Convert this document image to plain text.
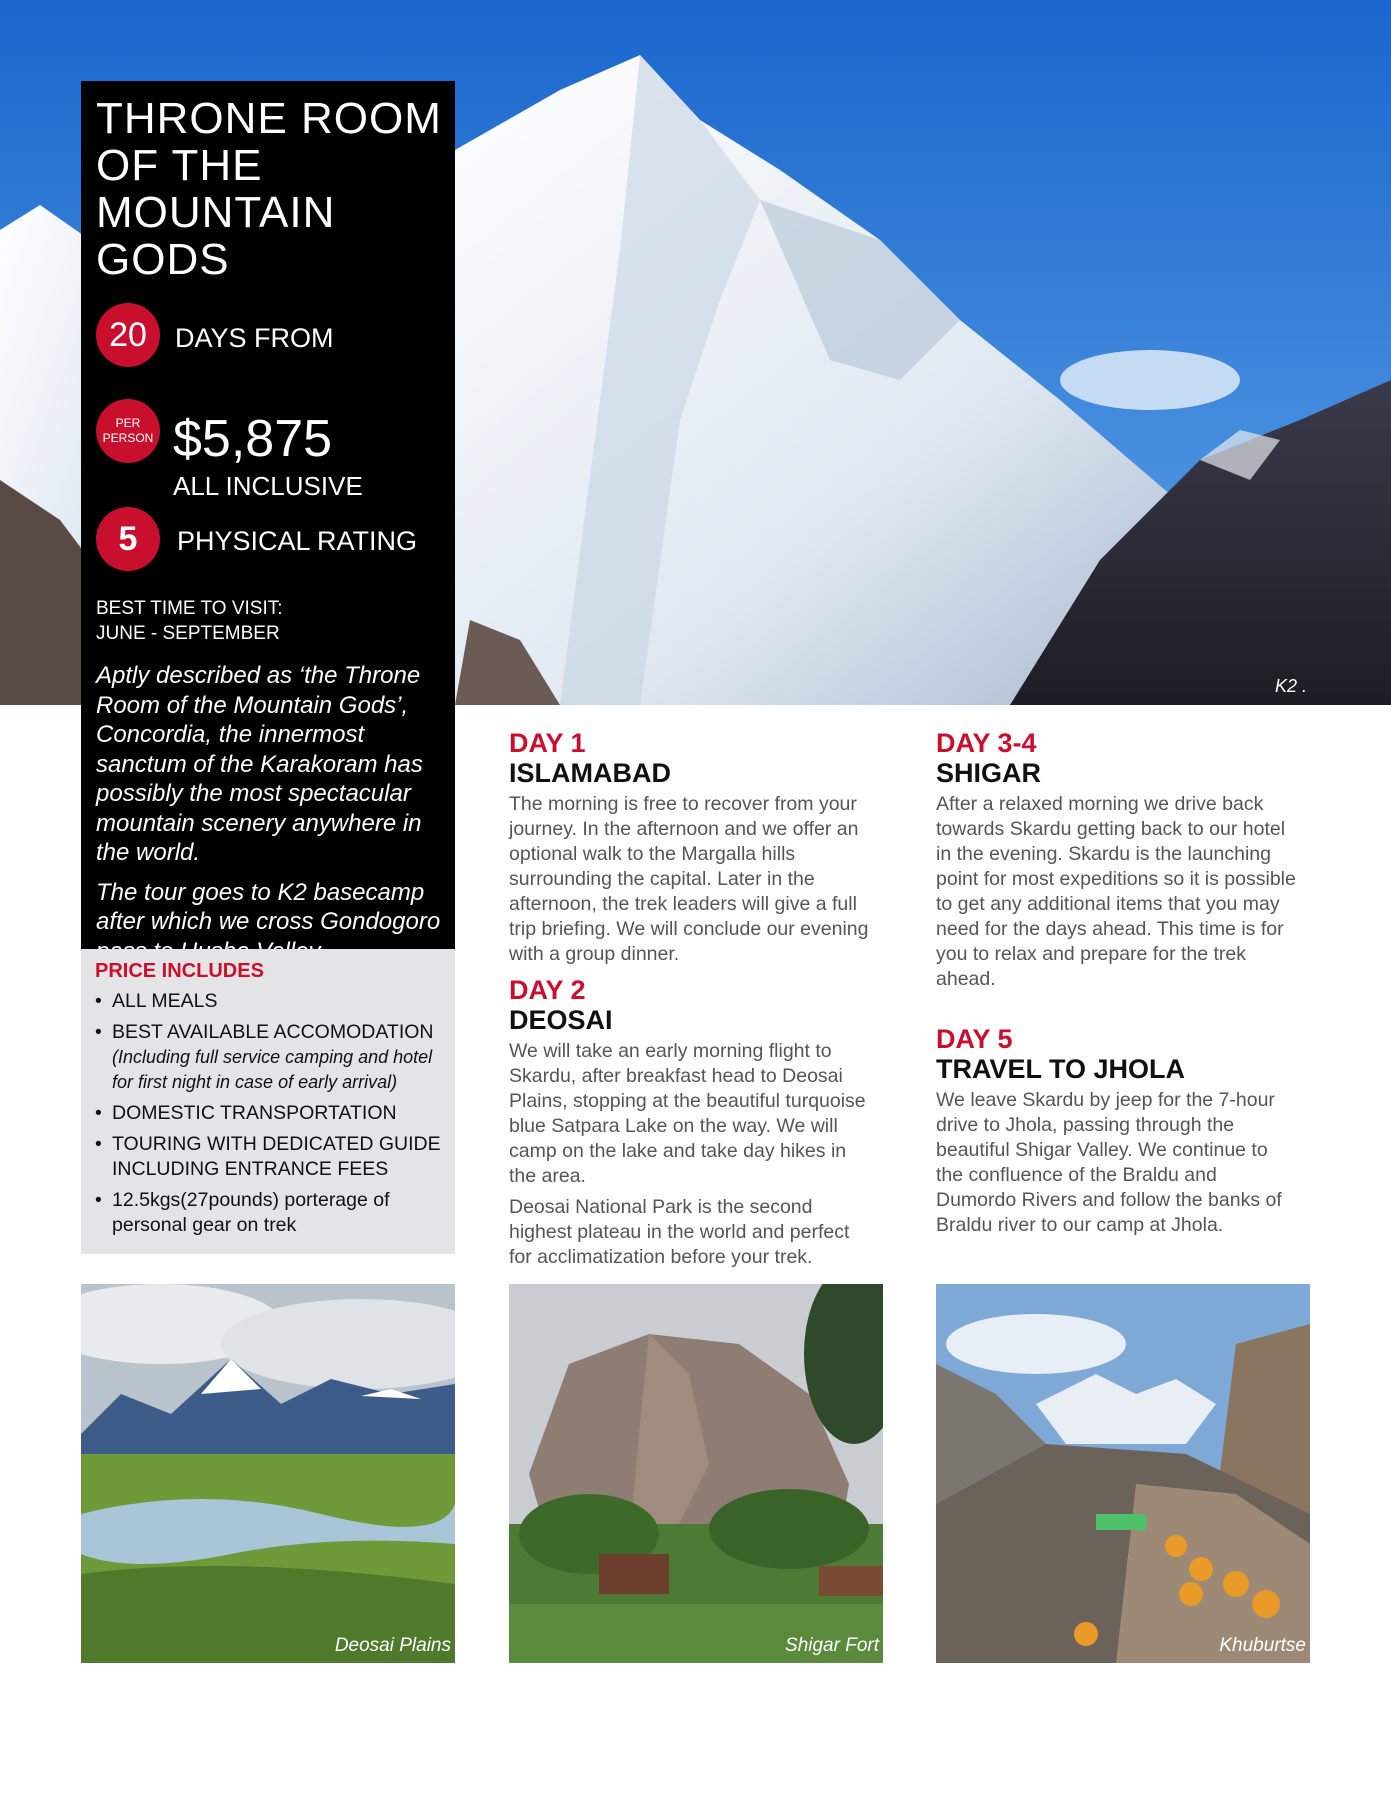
K2 .
THRONE ROOM OF THE MOUNTAIN GODS
20	DAYS FROM
PER
PERSON $5,875
ALL INCLUSIVE
5	PHYSICAL RATING
BEST TIME TO VISIT:
JUNE - SEPTEMBER

Aptly described as ‘the Throne Room of the Mountain Gods’, Concordia, the innermost sanctum of the Karakoram has possibly the most spectacular mountain scenery anywhere in the world.

The tour goes to K2 basecamp after which we cross Gondogoro

PRICE INCLUDES
• ALL MEALS
• BEST AVAILABLE ACCOMODATION
(Including full service camping and hotel for first night in case of early arrival)
• DOMESTIC TRANSPORTATION
• TOURING WITH DEDICATED GUIDE INCLUDING ENTRANCE FEES
• 12.5kgs(27pounds) porterage of personal gear on trek
DAY 1
ISLAMABAD

The morning is free to recover from your journey. In the afternoon and we offer an optional walk to the Margalla hills surrounding the capital. Later in the afternoon, the trek leaders will give a full trip briefing. We will conclude our evening with a group dinner.

DAY 2
DEOSAI

We will take an early morning flight to Skardu, after breakfast head to Deosai Plains, stopping at the beautiful turquoise blue Satpara Lake on the way. We will camp on the lake and take day hikes in the area.

Deosai National Park is the second highest plateau in the world and perfect for acclimatization before your trek.

DAY 3-4
SHIGAR

After a relaxed morning we drive back towards Skardu getting back to our hotel in the evening. Skardu is the launching point for most expeditions so it is possible to get any additional items that you may need for the days ahead. This time is for you to relax and prepare for the trek ahead.

DAY 5
TRAVEL TO JHOLA

We leave Skardu by jeep for the 7-hour drive to Jhola, passing through the beautiful Shigar Valley. We continue to the confluence of the Braldu and Dumordo Rivers and follow the banks of Braldu river to our camp at Jhola.

Deosai Plains	Shigar Fort	Khuburtse
